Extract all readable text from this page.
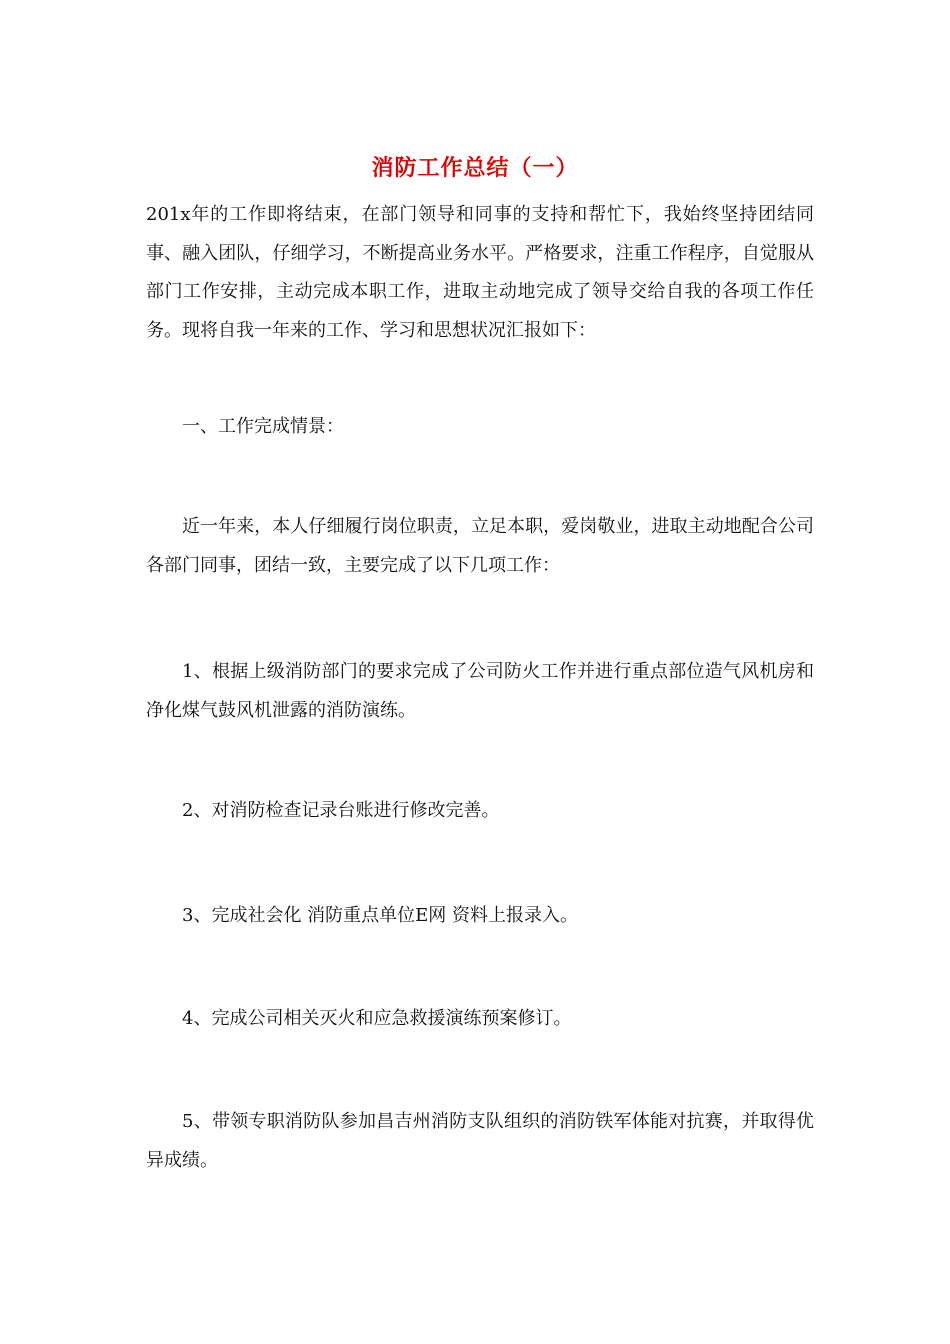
消防工作总结（一）

201x年的工作即将结束，在部门领导和同事的支持和帮忙下，我始终坚持团结同事、融入团队，仔细学习，不断提高业务水平。严格要求，注重工作程序，自觉服从部门工作安排，主动完成本职工作，进取主动地完成了领导交给自我的各项工作任务。现将自我一年来的工作、学习和思想状况汇报如下：

一、工作完成情景：

近一年来，本人仔细履行岗位职责，立足本职，爱岗敬业，进取主动地配合公司各部门同事，团结一致，主要完成了以下几项工作：

1、根据上级消防部门的要求完成了公司防火工作并进行重点部位造气风机房和净化煤气鼓风机泄露的消防演练。

2、对消防检查记录台账进行修改完善。

3、完成社会化 消防重点单位E网 资料上报录入。

4、完成公司相关灭火和应急救援演练预案修订。

5、带领专职消防队参加昌吉州消防支队组织的消防铁军体能对抗赛，并取得优异成绩。
